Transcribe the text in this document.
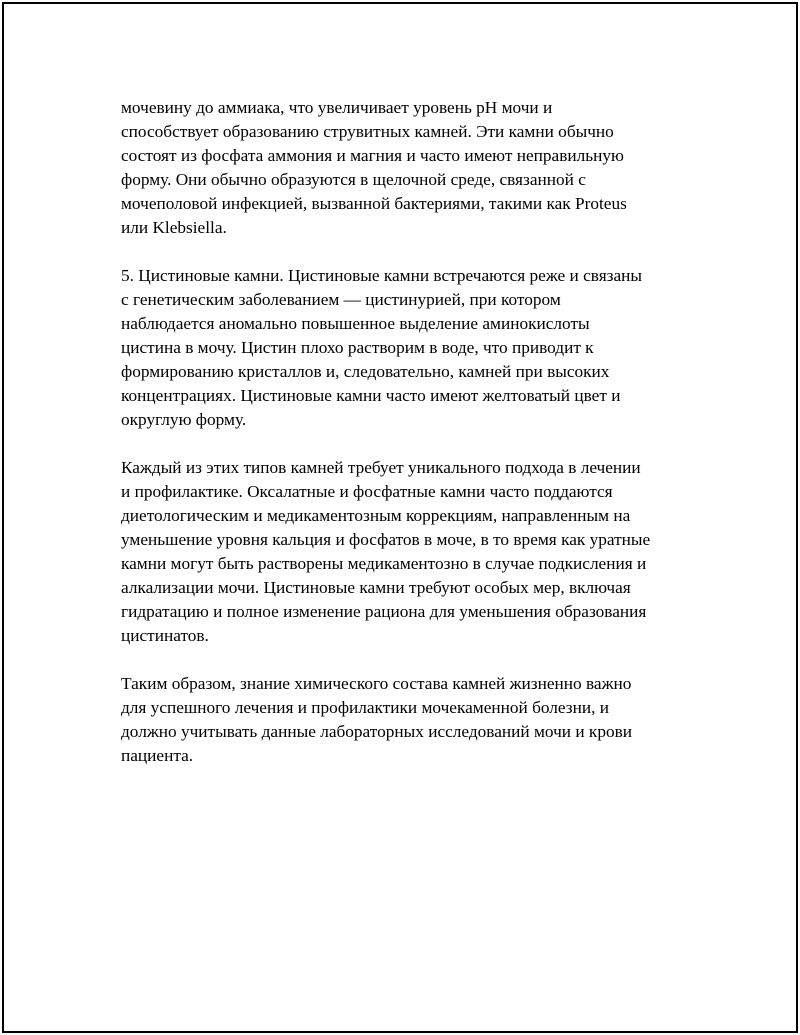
мочевину до аммиака, что увеличивает уровень pH мочи и
способствует образованию струвитных камней. Эти камни обычно
состоят из фосфата аммония и магния и часто имеют неправильную
форму. Они обычно образуются в щелочной среде, связанной с
мочеполовой инфекцией, вызванной бактериями, такими как Proteus
или Klebsiella.

5. Цистиновые камни. Цистиновые камни встречаются реже и связаны
с генетическим заболеванием — цистинурией, при котором
наблюдается аномально повышенное выделение аминокислоты
цистина в мочу. Цистин плохо растворим в воде, что приводит к
формированию кристаллов и, следовательно, камней при высоких
концентрациях. Цистиновые камни часто имеют желтоватый цвет и
округлую форму.

Каждый из этих типов камней требует уникального подхода в лечении
и профилактике. Оксалатные и фосфатные камни часто поддаются
диетологическим и медикаментозным коррекциям, направленным на
уменьшение уровня кальция и фосфатов в моче, в то время как уратные
камни могут быть растворены медикаментозно в случае подкисления и
алкализации мочи. Цистиновые камни требуют особых мер, включая
гидратацию и полное изменение рациона для уменьшения образования
цистинатов.

Таким образом, знание химического состава камней жизненно важно
для успешного лечения и профилактики мочекаменной болезни, и
должно учитывать данные лабораторных исследований мочи и крови
пациента.
